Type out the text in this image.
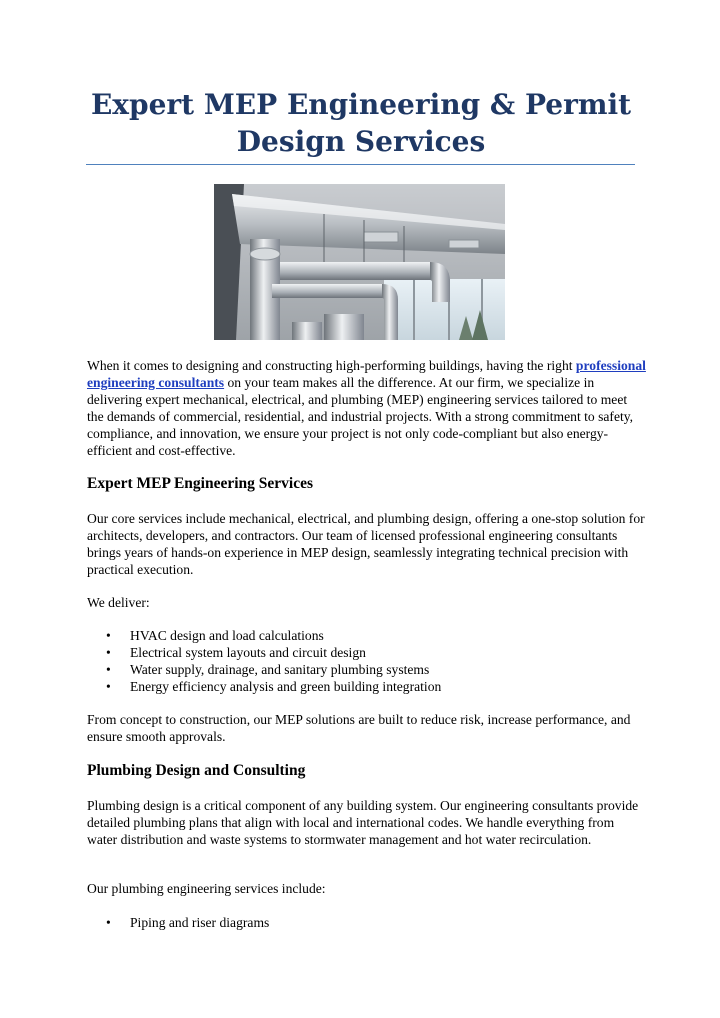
Expert MEP Engineering & Permit Design Services

When it comes to designing and constructing high-performing buildings, having the right professional engineering consultants on your team makes all the difference. At our firm, we specialize in delivering expert mechanical, electrical, and plumbing (MEP) engineering services tailored to meet the demands of commercial, residential, and industrial projects. With a strong commitment to safety, compliance, and innovation, we ensure your project is not only code-compliant but also energy-efficient and cost-effective.

Expert MEP Engineering Services

Our core services include mechanical, electrical, and plumbing design, offering a one-stop solution for architects, developers, and contractors. Our team of licensed professional engineering consultants brings years of hands-on experience in MEP design, seamlessly integrating technical precision with practical execution.

We deliver:

• HVAC design and load calculations
• Electrical system layouts and circuit design
• Water supply, drainage, and sanitary plumbing systems
• Energy efficiency analysis and green building integration

From concept to construction, our MEP solutions are built to reduce risk, increase performance, and ensure smooth approvals.

Plumbing Design and Consulting

Plumbing design is a critical component of any building system. Our engineering consultants provide detailed plumbing plans that align with local and international codes. We handle everything from water distribution and waste systems to stormwater management and hot water recirculation.

Our plumbing engineering services include:

• Piping and riser diagrams
